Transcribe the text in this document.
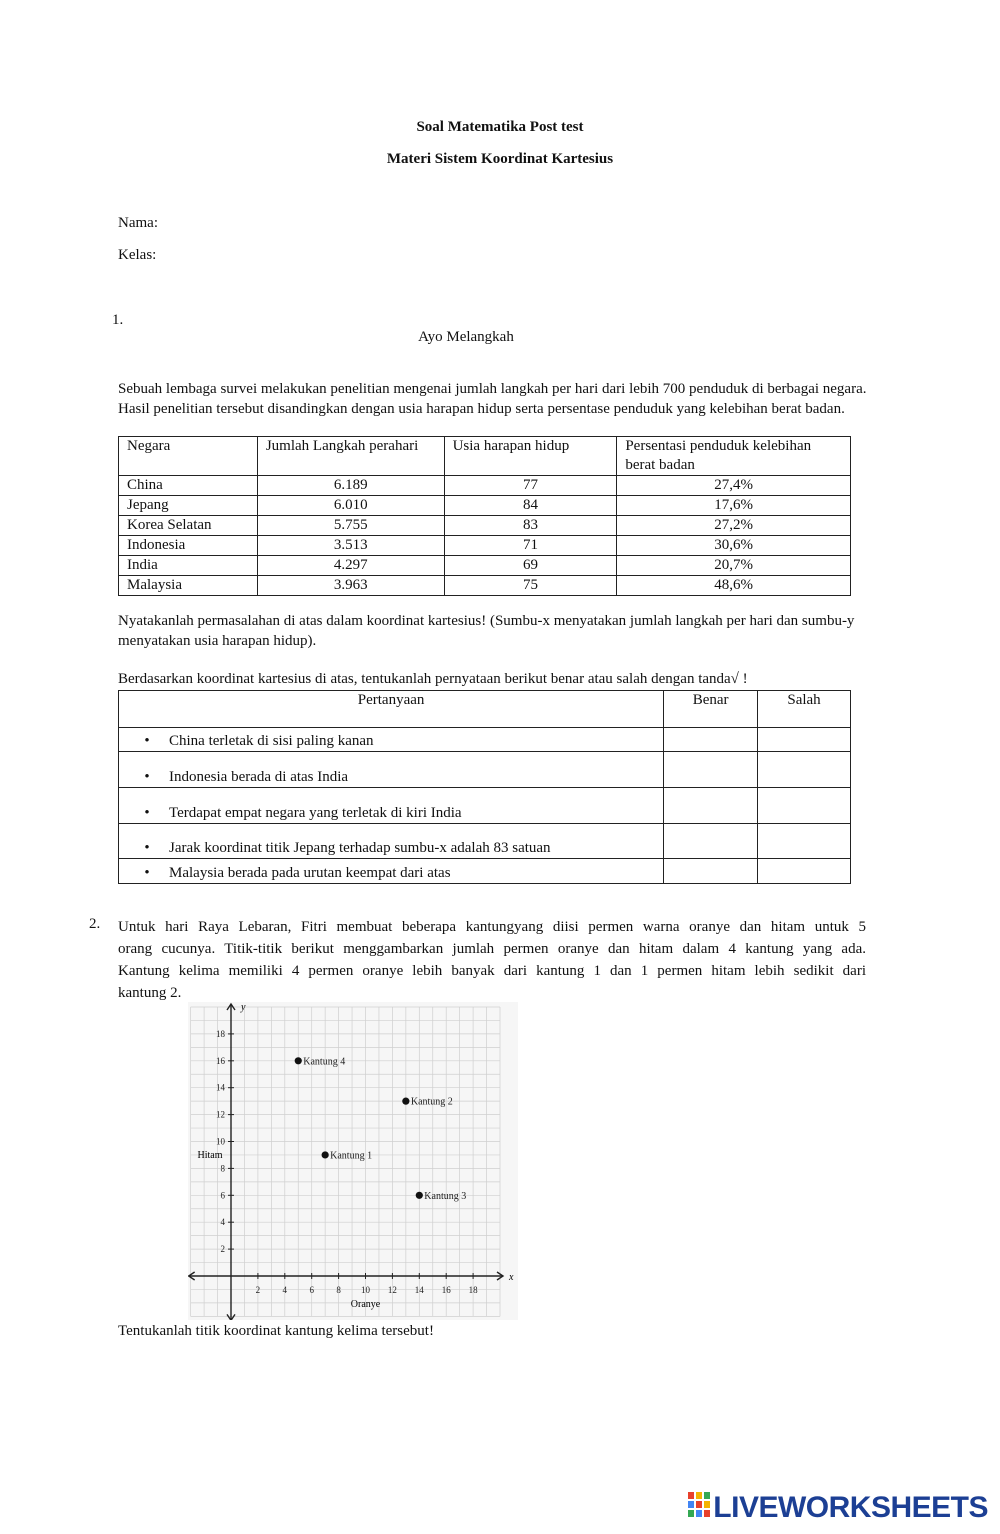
Soal Matematika Post test
Materi Sistem Koordinat Kartesius
Nama:
Kelas:
1.
Ayo Melangkah

Sebuah lembaga survei melakukan penelitian mengenai jumlah langkah per hari dari lebih 700 penduduk di berbagai negara. Hasil penelitian tersebut disandingkan dengan usia harapan hidup serta persentase penduduk yang kelebihan berat badan.

Negara	Jumlah Langkah perahari	Usia harapan hidup	Persentasi penduduk kelebihan berat badan
China	6.189	77	27,4%
Jepang	6.010	84	17,6%
Korea Selatan	5.755	83	27,2%
Indonesia	3.513	71	30,6%
India	4.297	69	20,7%
Malaysia	3.963	75	48,6%

Nyatakanlah permasalahan di atas dalam koordinat kartesius! (Sumbu-x menyatakan jumlah langkah per hari dan sumbu-y menyatakan usia harapan hidup).

Berdasarkan koordinat kartesius di atas, tentukanlah pernyataan berikut benar atau salah dengan tanda√ !

Pertanyaan	Benar	Salah
• China terletak di sisi paling kanan		
• Indonesia berada di atas India		
• Terdapat empat negara yang terletak di kiri India		
• Jarak koordinat titik Jepang terhadap sumbu-x adalah 83 satuan		
• Malaysia berada pada urutan keempat dari atas		
2. Untuk hari Raya Lebaran, Fitri membuat beberapa kantungyang diisi permen warna oranye dan hitam untuk 5
orang cucunya. Titik-titik berikut menggambarkan jumlah permen oranye dan hitam dalam 4 kantung yang ada.
Kantung kelima memiliki 4 permen oranye lebih banyak dari kantung 1 dan 1 permen hitam lebih sedikit dari
kantung 2.
2 4 6 8 10 12 14 16 18
2
4
6
8
10
12
14
16
18
Kantung 1
Kantung 2
Kantung 3
Kantung 4
x
y
Oranye
Hitam

Tentukanlah titik koordinat kantung kelima tersebut!

LIVEWORKSHEETS
